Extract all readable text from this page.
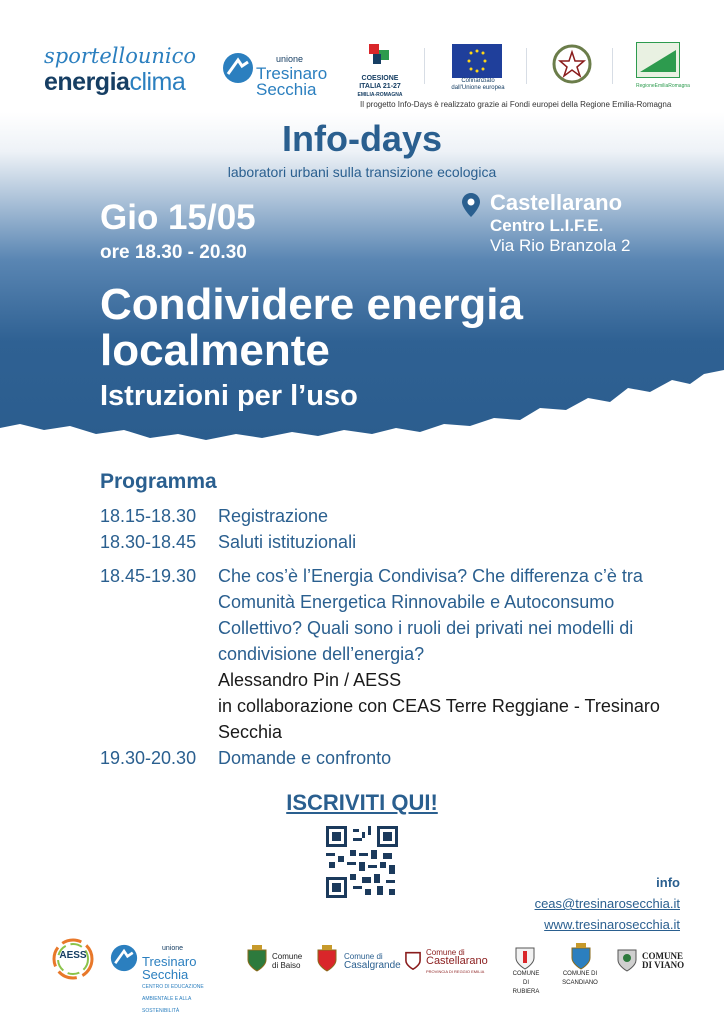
sportellounico
energiaclima
unione
Tresinaro
Secchia
COESIONE
ITALIA 21-27
EMILIA-ROMAGNA
Cofinanziato
dall'Unione europea	RegioneEmiliaRomagna
Il progetto Info-Days è realizzato grazie ai Fondi europei della Regione Emilia-Romagna
Info-days
laboratori urbani sulla transizione ecologica
Gio 15/05
ore 18.30 - 20.30
Castellarano
Centro L.I.F.E.
Via Rio Branzola 2
Condividere energia
localmente
Istruzioni per l’uso
Programma
18.15-18.30	Registrazione
18.30-18.45	Saluti istituzionali
18.45-19.30	Che cos’è l’Energia Condivisa? Che differenza c’è tra Comunità Energetica Rinnovabile e Autoconsumo Collettivo? Quali sono i ruoli dei privati nei modelli di condivisione dell’energia?
Alessandro Pin / AESS
in collaborazione con CEAS Terre Reggiane - Tresinaro Secchia
19.30-20.30	Domande e confronto
ISCRIVITI QUI!
info
ceas@tresinarosecchia.it
www.tresinarosecchia.it
AESS
unione
Tresinaro
Secchia
CENTRO DI EDUCAZIONE AMBIENTALE E ALLA SOSTENIBILITÀ
Comune
di Baiso
Comune di
Casalgrande
Comune di
Castellarano
PROVINCIA DI REGGIO EMILIA	COMUNE DI
RUBIERA
COMUNE DI
SCANDIANO
COMUNE
DI VIANO
